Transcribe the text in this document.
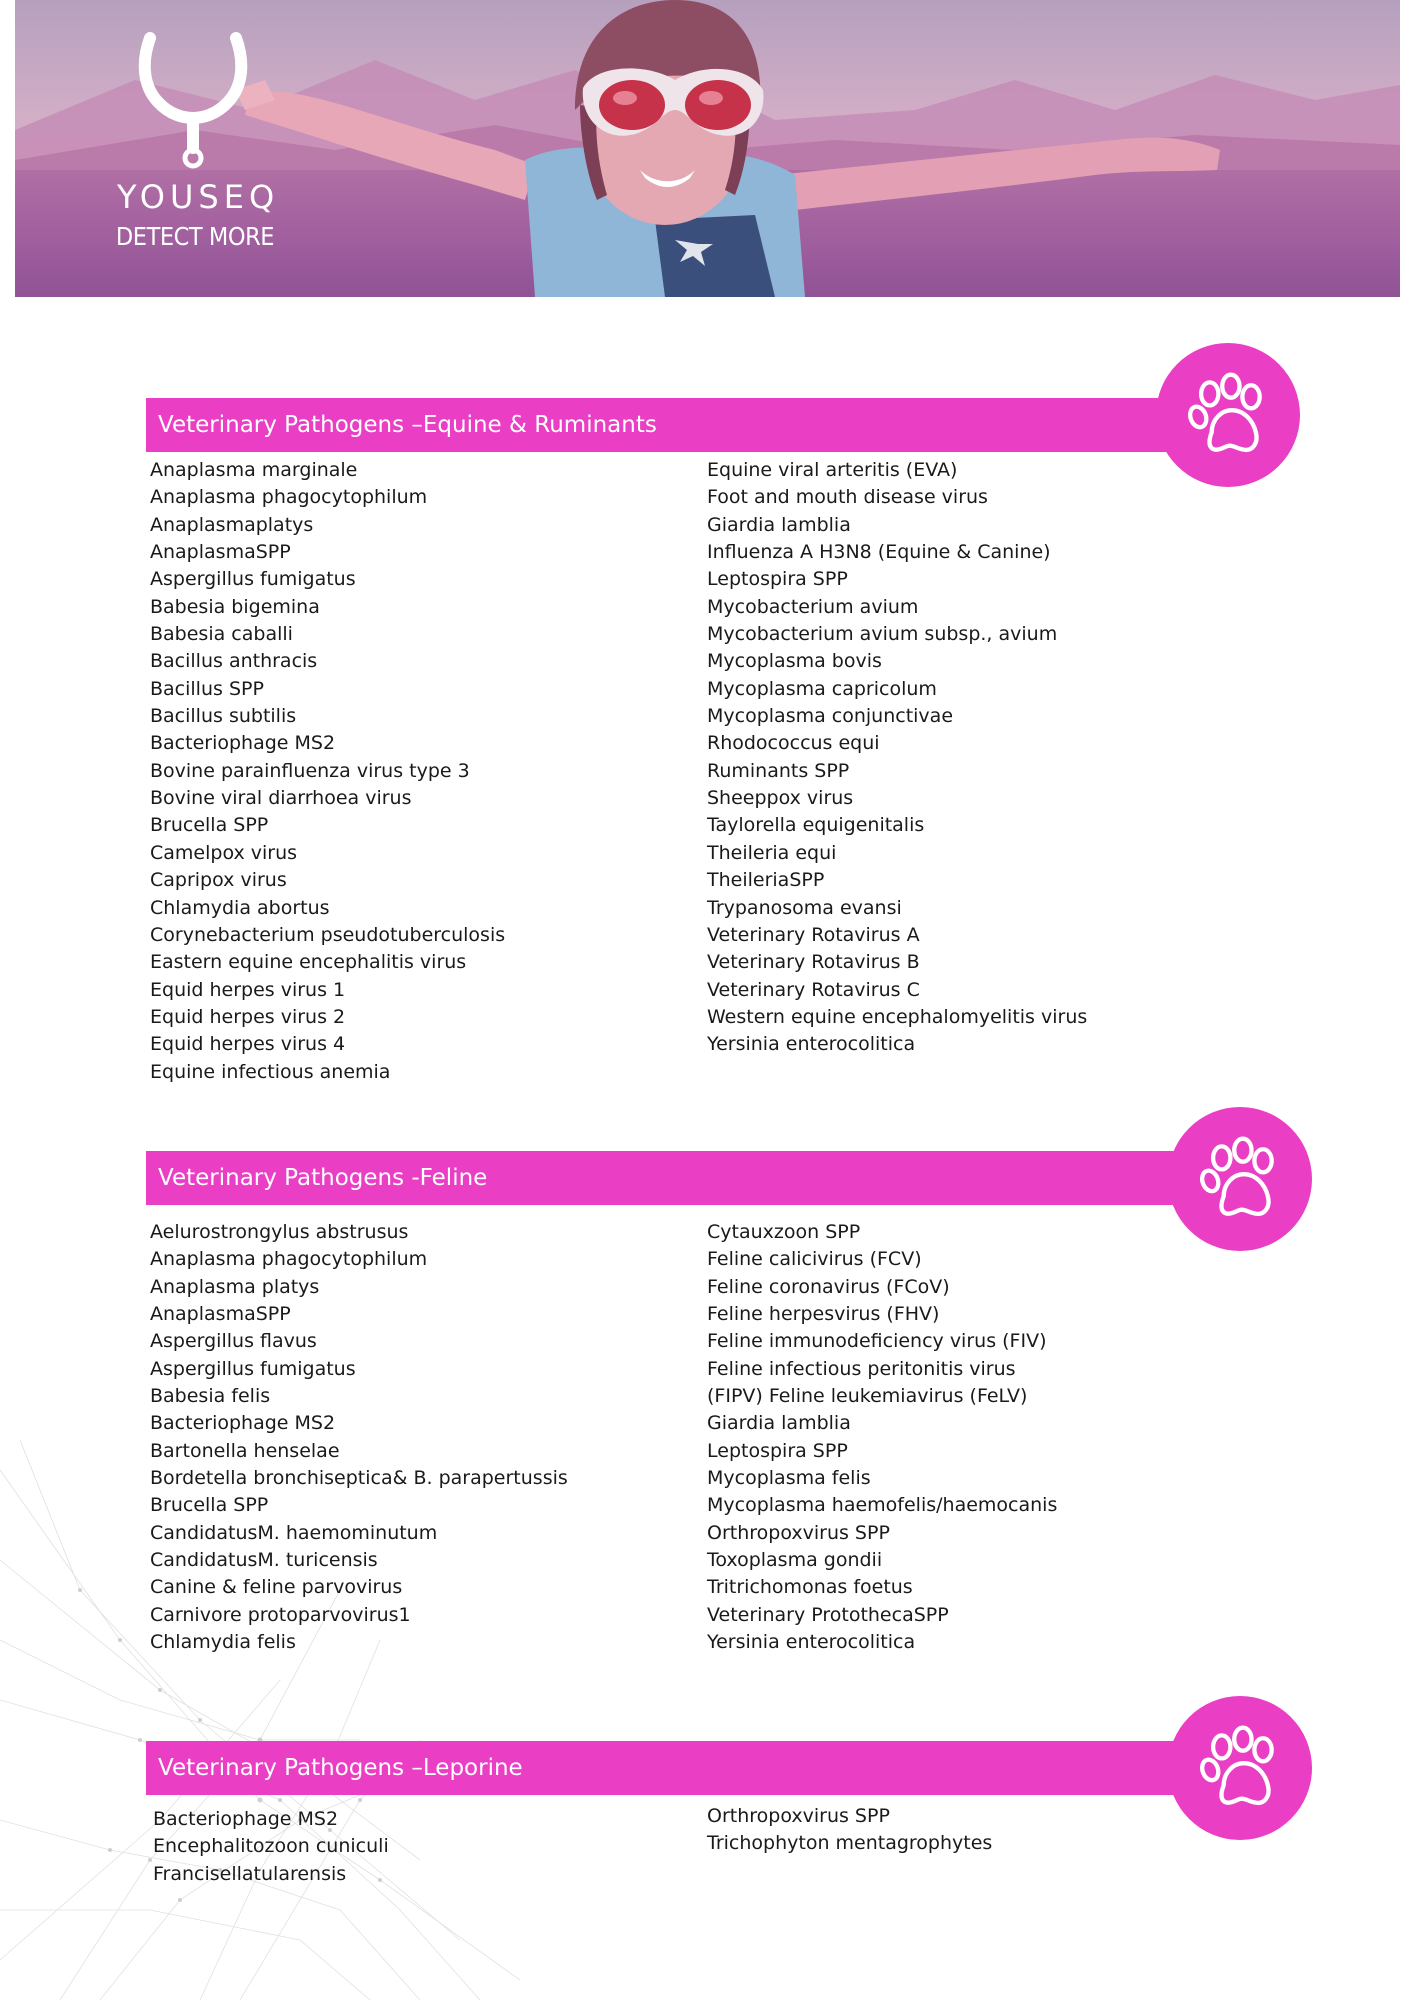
YOUSEQ
DETECT MORE
Veterinary Pathogens –Equine & Ruminants
Anaplasma marginale
Anaplasma phagocytophilum
Anaplasmaplatys
AnaplasmaSPP
Aspergillus fumigatus
Babesia bigemina
Babesia caballi
Bacillus anthracis
Bacillus SPP
Bacillus subtilis
Bacteriophage MS2
Bovine parainfluenza virus type 3
Bovine viral diarrhoea virus
Brucella SPP
Camelpox virus
Capripox virus
Chlamydia abortus
Corynebacterium pseudotuberculosis
Eastern equine encephalitis virus
Equid herpes virus 1
Equid herpes virus 2
Equid herpes virus 4
Equine infectious anemia
Equine viral arteritis (EVA)
Foot and mouth disease virus
Giardia lamblia
Influenza A H3N8 (Equine & Canine)
Leptospira SPP
Mycobacterium avium
Mycobacterium avium subsp., avium
Mycoplasma bovis
Mycoplasma capricolum
Mycoplasma conjunctivae
Rhodococcus equi
Ruminants SPP
Sheeppox virus
Taylorella equigenitalis
Theileria equi
TheileriaSPP
Trypanosoma evansi
Veterinary Rotavirus A
Veterinary Rotavirus B
Veterinary Rotavirus C
Western equine encephalomyelitis virus
Yersinia enterocolitica
Veterinary Pathogens -Feline
Aelurostrongylus abstrusus
Anaplasma phagocytophilum
Anaplasma platys
AnaplasmaSPP
Aspergillus flavus
Aspergillus fumigatus
Babesia felis
Bacteriophage MS2
Bartonella henselae
Bordetella bronchiseptica& B. parapertussis
Brucella SPP
CandidatusM. haemominutum
CandidatusM. turicensis
Canine & feline parvovirus
Carnivore protoparvovirus1
Chlamydia felis
Cytauxzoon SPP
Feline calicivirus (FCV)
Feline coronavirus (FCoV)
Feline herpesvirus (FHV)
Feline immunodeficiency virus (FIV)
Feline infectious peritonitis virus
(FIPV) Feline leukemiavirus (FeLV)
Giardia lamblia
Leptospira SPP
Mycoplasma felis
Mycoplasma haemofelis/haemocanis
Orthropoxvirus SPP
Toxoplasma gondii
Tritrichomonas foetus
Veterinary ProtothecaSPP
Yersinia enterocolitica
Veterinary Pathogens –Leporine
Bacteriophage MS2
Encephalitozoon cuniculi
Francisellatularensis
Orthropoxvirus SPP
Trichophyton mentagrophytes
